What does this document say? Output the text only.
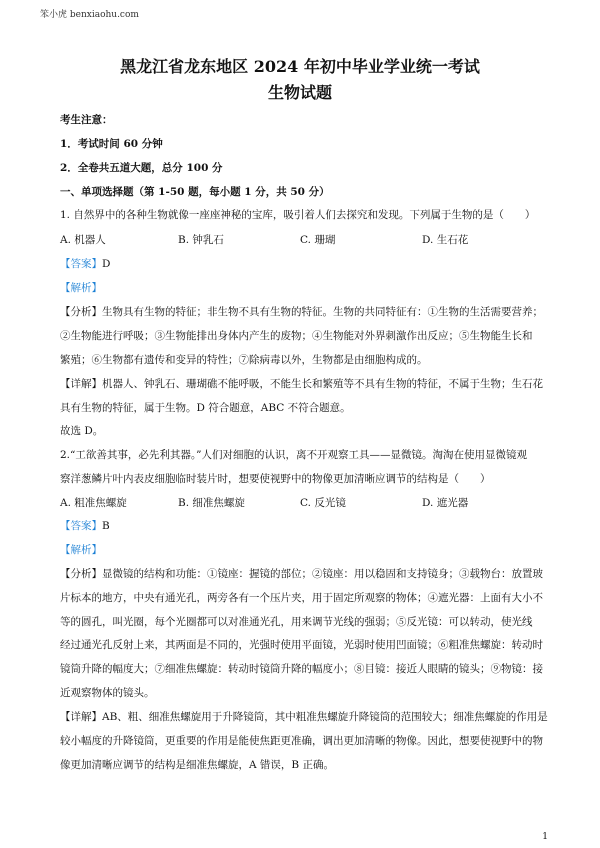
笨小虎 benxiaohu.com
黑龙江省龙东地区 2024 年初中毕业学业统一考试
生物试题
考生注意：
1．考试时间 60 分钟
2．全卷共五道大题，总分 100 分
一、单项选择题（第 1-50 题，每小题 1 分，共 50 分）
1. 自然界中的各种生物就像一座座神秘的宝库，吸引着人们去探究和发现。下列属于生物的是（　　）
A. 机器人	B. 钟乳石	C. 珊瑚	D. 生石花
【答案】D
【解析】
【分析】生物具有生物的特征；非生物不具有生物的特征。生物的共同特征有：①生物的生活需要营养；
②生物能进行呼吸；③生物能排出身体内产生的废物；④生物能对外界刺激作出反应；⑤生物能生长和
繁殖；⑥生物都有遗传和变异的特性；⑦除病毒以外，生物都是由细胞构成的。
【详解】机器人、钟乳石、珊瑚礁不能呼吸，不能生长和繁殖等不具有生物的特征，不属于生物；生石花
具有生物的特征，属于生物。D 符合题意，ABC 不符合题意。
故选 D。
2.“工欲善其事，必先利其器。”人们对细胞的认识，离不开观察工具——显微镜。淘淘在使用显微镜观
察洋葱鳞片叶内表皮细胞临时装片时，想要使视野中的物像更加清晰应调节的结构是（　　）
A. 粗准焦螺旋	B. 细准焦螺旋	C. 反光镜	D. 遮光器
【答案】B
【解析】
【分析】显微镜的结构和功能：①镜座：握镜的部位；②镜座：用以稳固和支持镜身；③载物台：放置玻
片标本的地方，中央有通光孔，两旁各有一个压片夹，用于固定所观察的物体；④遮光器：上面有大小不
等的圆孔，叫光圈，每个光圈都可以对准通光孔，用来调节光线的强弱；⑤反光镜：可以转动，使光线
经过通光孔反射上来，其两面是不同的，光强时使用平面镜，光弱时使用凹面镜；⑥粗准焦螺旋：转动时
镜筒升降的幅度大；⑦细准焦螺旋：转动时镜筒升降的幅度小；⑧目镜：接近人眼睛的镜头；⑨物镜：接
近观察物体的镜头。
【详解】AB、粗、细准焦螺旋用于升降镜筒，其中粗准焦螺旋升降镜筒的范围较大；细准焦螺旋的作用是
较小幅度的升降镜筒，更重要的作用是能使焦距更准确，调出更加清晰的物像。因此，想要使视野中的物
像更加清晰应调节的结构是细准焦螺旋，A 错误，B 正确。
1
